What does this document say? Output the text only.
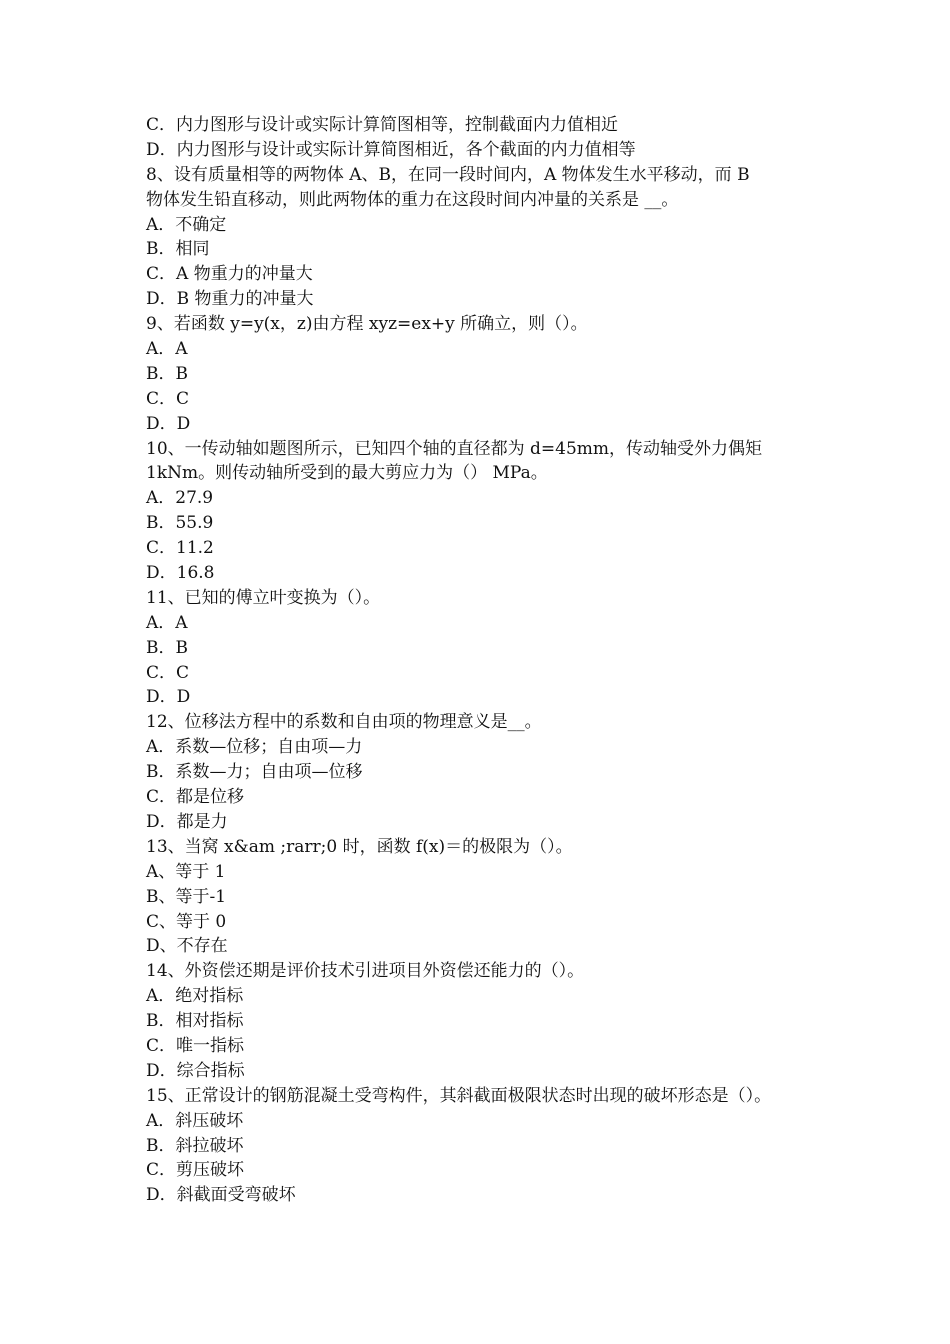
C．内力图形与设计或实际计算简图相等，控制截面内力值相近
D．内力图形与设计或实际计算简图相近，各个截面的内力值相等
8、设有质量相等的两物体 A、B，在同一段时间内，A 物体发生水平移动，而 B
物体发生铅直移动，则此两物体的重力在这段时间内冲量的关系是 __。
A．不确定
B．相同
C．A 物重力的冲量大
D．B 物重力的冲量大
9、若函数 y=y(x，z)由方程 xyz=ex+y 所确立，则（）。
A．A
B．B
C．C
D．D
10、一传动轴如题图所示，已知四个轴的直径都为 d=45mm，传动轴受外力偶矩
1kNm。则传动轴所受到的最大剪应力为（） MPa。
A．27.9
B．55.9
C．11.2
D．16.8
11、已知的傅立叶变换为（）。
A．A
B．B
C．C
D．D
12、位移法方程中的系数和自由项的物理意义是__。
A．系数—位移；自由项—力
B．系数—力；自由项—位移
C．都是位移
D．都是力
13、当窝 x&am ;rarr;0 时，函数 f(x)＝的极限为（）。
A、等于 1
B、等于-1
C、等于 0
D、不存在
14、外资偿还期是评价技术引进项目外资偿还能力的（）。
A．绝对指标
B．相对指标
C．唯一指标
D．综合指标
15、正常设计的钢筋混凝土受弯构件，其斜截面极限状态时出现的破坏形态是（）。
A．斜压破坏
B．斜拉破坏
C．剪压破坏
D．斜截面受弯破坏
